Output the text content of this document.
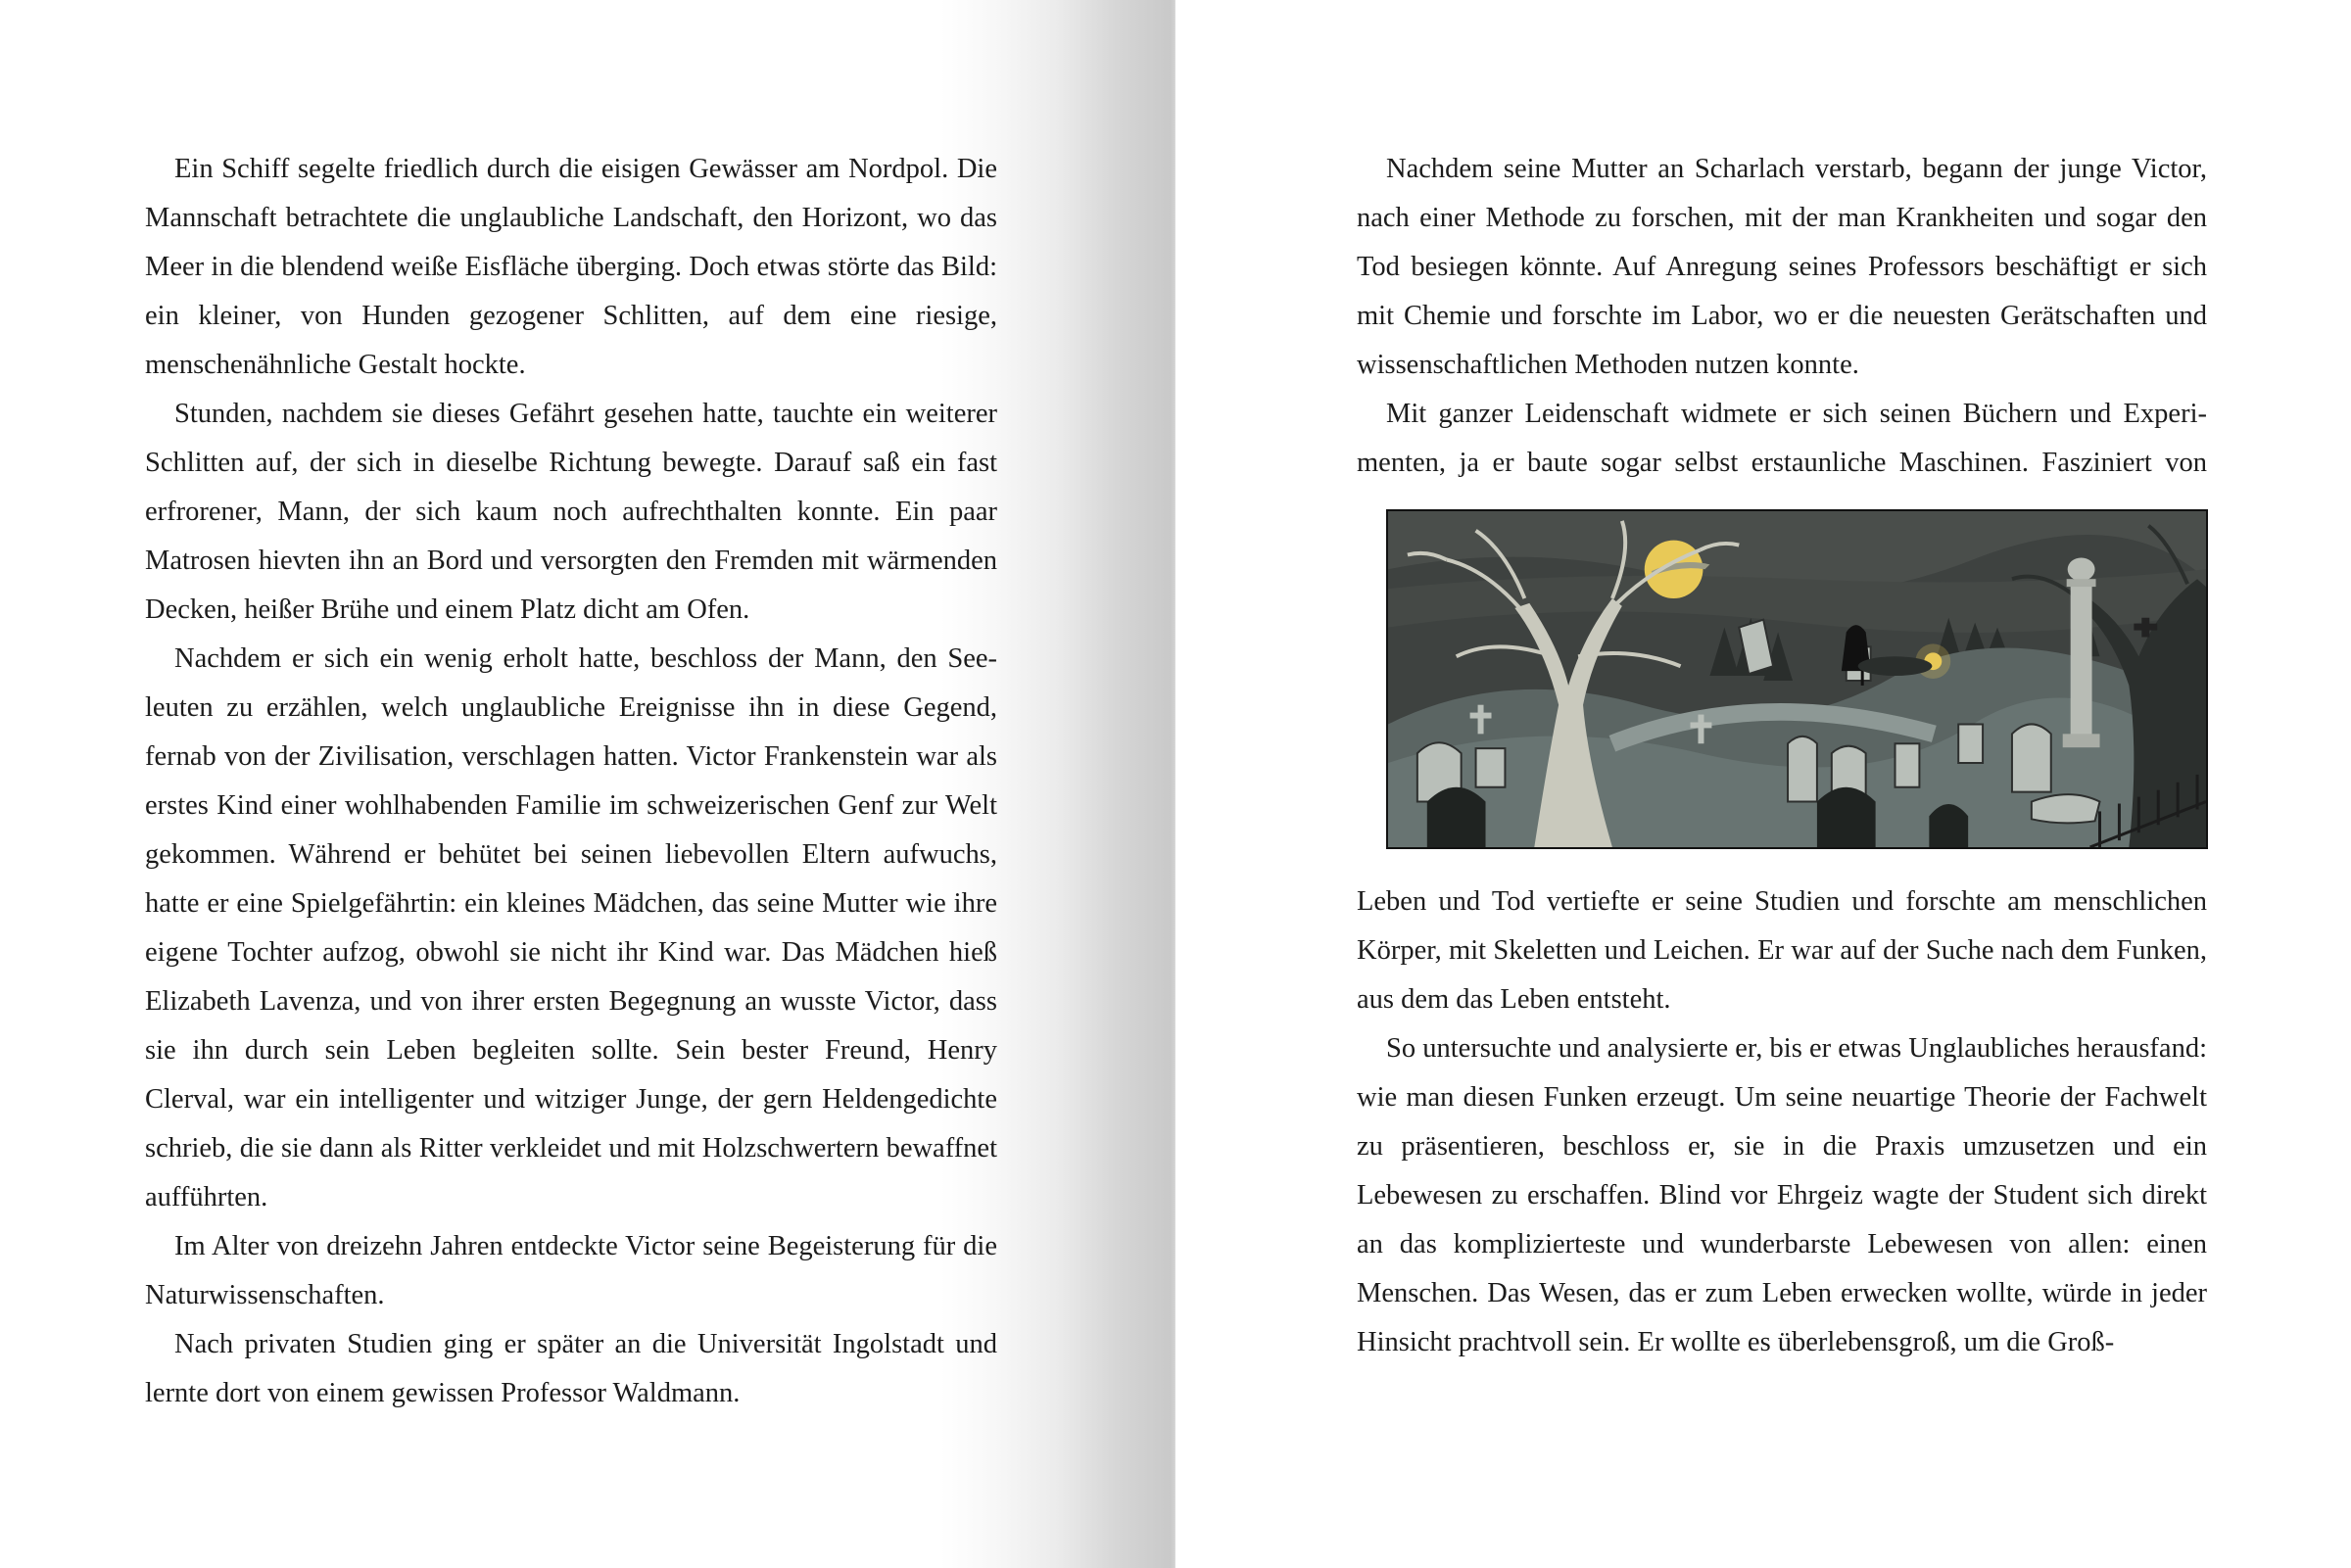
Ein Schiff segelte friedlich durch die eisigen Gewässer am Nordpol. Die Mannschaft betrachtete die unglaubliche Landschaft, den Horizont, wo das Meer in die blendend weiße Eisfläche überging. Doch etwas störte das Bild: ein kleiner, von Hunden gezogener Schlitten, auf dem eine riesige, menschenähnliche Gestalt hockte.

Stunden, nachdem sie dieses Gefährt gesehen hatte, tauchte ein weiterer Schlitten auf, der sich in dieselbe Richtung bewegte. Darauf saß ein fast erfrorener, Mann, der sich kaum noch aufrechthalten konnte. Ein paar Matrosen hievten ihn an Bord und versorgten den Fremden mit wärmenden Decken, heißer Brühe und einem Platz dicht am Ofen.

Nachdem er sich ein wenig erholt hatte, beschloss der Mann, den Seeleuten zu erzählen, welch unglaubliche Ereignisse ihn in diese Gegend, fernab von der Zivilisation, verschlagen hatten. Victor Frankenstein war als erstes Kind einer wohlhabenden Familie im schweizerischen Genf zur Welt gekommen. Während er behütet bei seinen liebevollen Eltern aufwuchs, hatte er eine Spielgefährtin: ein kleines Mädchen, das seine Mutter wie ihre eigene Tochter aufzog, obwohl sie nicht ihr Kind war. Das Mädchen hieß Elizabeth Lavenza, und von ihrer ersten Begegnung an wusste Victor, dass sie ihn durch sein Leben begleiten sollte. Sein bester Freund, Henry Clerval, war ein intelligenter und witziger Junge, der gern Heldengedichte schrieb, die sie dann als Ritter verkleidet und mit Holzschwertern bewaffnet aufführten.

Im Alter von dreizehn Jahren entdeckte Victor seine Begeisterung für die Naturwissenschaften.

Nach privaten Studien ging er später an die Universität Ingolstadt und lernte dort von einem gewissen Professor Waldmann.

Nachdem seine Mutter an Scharlach verstarb, begann der junge Victor, nach einer Methode zu forschen, mit der man Krankheiten und sogar den Tod besiegen könnte. Auf Anregung seines Professors beschäftigt er sich mit Chemie und forschte im Labor, wo er die neuesten Gerätschaften und wissenschaftlichen Methoden nutzen konnte.

Mit ganzer Leidenschaft widmete er sich seinen Büchern und Experimenten, ja er baute sogar selbst erstaunliche Maschinen. Fasziniert von

Leben und Tod vertiefte er seine Studien und forschte am menschlichen Körper, mit Skeletten und Leichen. Er war auf der Suche nach dem Funken, aus dem das Leben entsteht.

So untersuchte und analysierte er, bis er etwas Unglaubliches herausfand: wie man diesen Funken erzeugt. Um seine neuartige Theorie der Fachwelt zu präsentieren, beschloss er, sie in die Praxis umzusetzen und ein Lebewesen zu erschaffen. Blind vor Ehrgeiz wagte der Student sich direkt an das komplizierteste und wunderbarste Lebewesen von allen: einen Menschen. Das Wesen, das er zum Leben erwecken wollte, würde in jeder Hinsicht prachtvoll sein. Er wollte es überlebensgroß, um die Groß-
